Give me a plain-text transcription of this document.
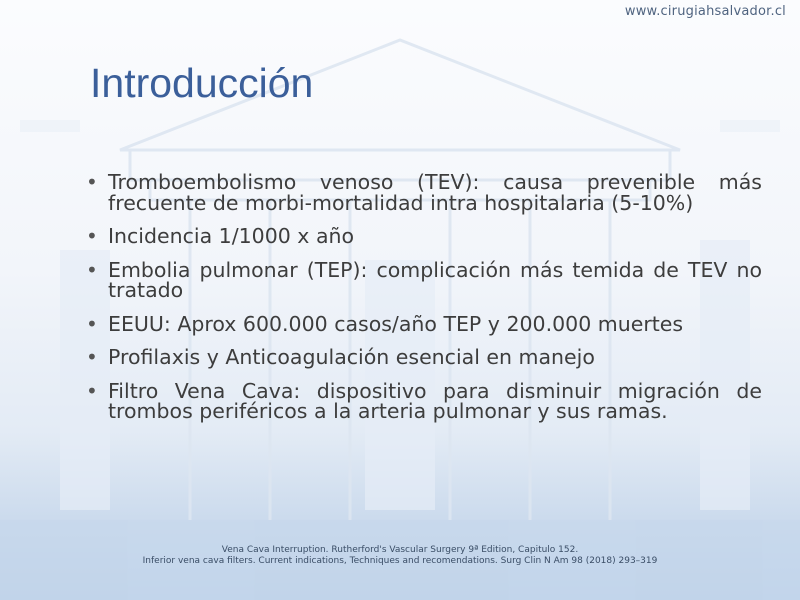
www.cirugiahsalvador.cl
Introducción
• Tromboembolismo venoso (TEV): causa prevenible más frecuente de morbi-mortalidad intra hospitalaria (5-10%)
• Incidencia 1/1000 x año
• Embolia pulmonar (TEP): complicación más temida de TEV no tratado
• EEUU: Aprox 600.000 casos/año TEP y 200.000 muertes
• Profilaxis y Anticoagulación esencial en manejo
• Filtro Vena Cava: dispositivo para disminuir migración de trombos periféricos a la arteria pulmonar y sus ramas.
Vena Cava Interruption. Rutherford's Vascular Surgery 9ª Edition, Capitulo 152.
Inferior vena cava filters. Current indications, Techniques and recomendations. Surg Clin N Am 98 (2018) 293–319
